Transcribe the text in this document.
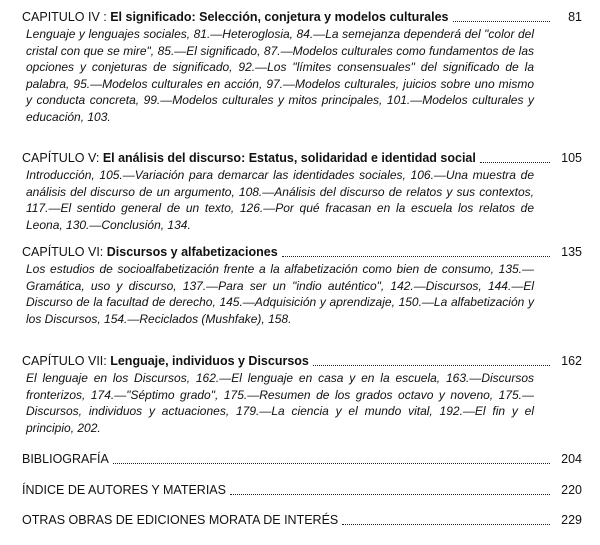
CAPITULO IV : El significado: Selección, conjetura y modelos culturales	81
Lenguaje y lenguajes sociales, 81.—Heteroglosia, 84.—La semejanza dependerá del "color del cristal con que se mire", 85.—El significado, 87.—Modelos culturales como fundamentos de las opciones y conjeturas de significado, 92.—Los "límites consensuales" del significado de la palabra, 95.—Modelos culturales en acción, 97.—Modelos culturales, juicios sobre uno mismo y conducta concreta, 99.—Modelos culturales y mitos principales, 101.—Modelos culturales y educación, 103.
CAPÍTULO V: El análisis del discurso: Estatus, solidaridad e identidad social	105
Introducción, 105.—Variación para demarcar las identidades sociales, 106.—Una muestra de análisis del discurso de un argumento, 108.—Análisis del discurso de relatos y sus contextos, 117.—El sentido general de un texto, 126.—Por qué fracasan en la escuela los relatos de Leona, 130.—Conclusión, 134.
CAPÍTULO VI: Discursos y alfabetizaciones	135
Los estudios de socioalfabetización frente a la alfabetización como bien de consumo, 135.—Gramática, uso y discurso, 137.—Para ser un "indio auténtico", 142.—Discursos, 144.—El Discurso de la facultad de derecho, 145.—Adquisición y aprendizaje, 150.—La alfabetización y los Discursos, 154.—Reciclados (Mushfake), 158.
CAPÍTULO VII: Lenguaje, individuos y Discursos	162
El lenguaje en los Discursos, 162.—El lenguaje en casa y en la escuela, 163.—Discursos fronterizos, 174.—"Séptimo grado", 175.—Resumen de los grados octavo y noveno, 175.—Discursos, individuos y actuaciones, 179.—La ciencia y el mundo vital, 192.—El fin y el principio, 202.
BIBLIOGRAFÍA	204
ÍNDICE DE AUTORES Y MATERIAS	220
OTRAS OBRAS DE EDICIONES MORATA DE INTERÉS	229
